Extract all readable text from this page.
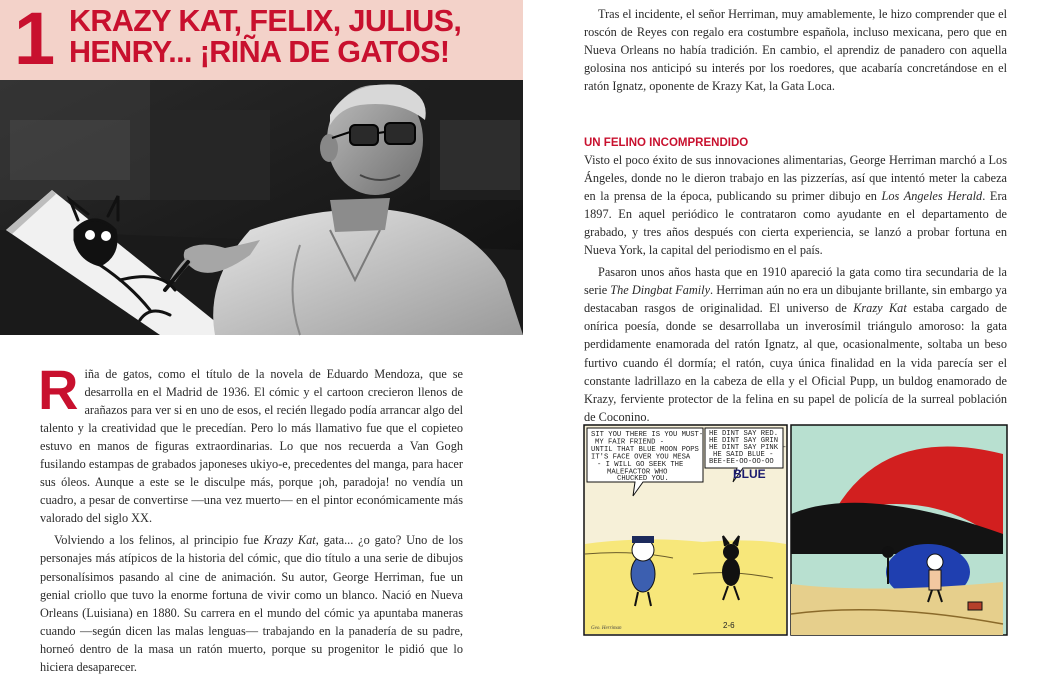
1 KRAZY KAT, FELIX, JULIUS,
HENRY... ¡RIÑA DE GATOS!

Riña de gatos, como el título de la novela de Eduardo Mendoza, que se desarrolla en el Madrid de 1936. El cómic y el cartoon crecieron llenos de arañazos para ver si en uno de esos, el recién llegado podía arrancar algo del talento y la creatividad que le precedían. Pero lo más llamativo fue que el copieteo estuvo en manos de figuras extraordinarias. Lo que nos recuerda a Van Gogh fusilando estampas de grabados japoneses ukiyo-e, precedentes del manga, para hacer sus óleos. Aunque a este se le disculpe más, porque ¡oh, paradoja! no vendía un cuadro, a pesar de convertirse —una vez muerto— en el pintor económicamente más valorado del siglo XX.

Volviendo a los felinos, al principio fue Krazy Kat, gata... ¿o gato? Uno de los personajes más atípicos de la historia del cómic, que dio título a una serie de dibujos personalísimos pasando al cine de animación. Su autor, George Herriman, fue un genial criollo que tuvo la enorme fortuna de vivir como un blanco. Nació en Nueva Orleans (Luisiana) en 1880. Su carrera en el mundo del cómic ya apuntaba maneras cuando —según dicen las malas lenguas— trabajando en la panadería de su padre, horneó dentro de la masa un ratón muerto, porque su progenitor le pidió que lo hiciera desaparecer.

Tras el incidente, el señor Herriman, muy amablemente, le hizo comprender que el roscón de Reyes con regalo era costumbre española, incluso mexicana, pero que en Nueva Orleans no había tradición. En cambio, el aprendiz de panadero con aquella golosina nos anticipó su interés por los roedores, que acabaría concretándose en el ratón Ignatz, oponente de Krazy Kat, la Gata Loca.

UN FELINO INCOMPRENDIDO

Visto el poco éxito de sus innovaciones alimentarias, George Herriman marchó a Los Ángeles, donde no le dieron trabajo en las pizzerías, así que intentó meter la cabeza en la prensa de la época, publicando su primer dibujo en Los Angeles Herald. Era 1897. En aquel periódico le contrataron como ayudante en el departamento de grabado, y tres años después con cierta experiencia, se lanzó a probar fortuna en Nueva York, la capital del periodismo en el país.

Pasaron unos años hasta que en 1910 apareció la gata como tira secundaria de la serie The Dingbat Family. Herriman aún no era un dibujante brillante, sin embargo ya destacaban rasgos de originalidad. El universo de Krazy Kat estaba cargado de onírica poesía, donde se desarrollaba un inverosímil triángulo amoroso: la gata perdidamente enamorada del ratón Ignatz, al que, ocasionalmente, soltaba un beso furtivo cuando él dormía; el ratón, cuya única finalidad en la vida parecía ser el constante ladrillazo en la cabeza de ella y el Oficial Pupp, un buldog enamorado de Krazy, ferviente protector de la felina en su papel de policía de la surreal población de Coconino.

SIT YOU THERE IS YOU MUST-
MY FAIR FRIEND -
UNTIL THAT BLUE MOON POPS
IT'S FACE OVER YOU MESA
- I WILL GO SEEK THE
MALEFACTOR WHO
CHUCKED YOU.
HE DINT SAY RED.
HE DINT SAY GRIN
HE DINT SAY PINK -
HE SAID BLUE -
BEE-EE-OO-OO-OO
BLUE
2-6
Geo. Herriman
